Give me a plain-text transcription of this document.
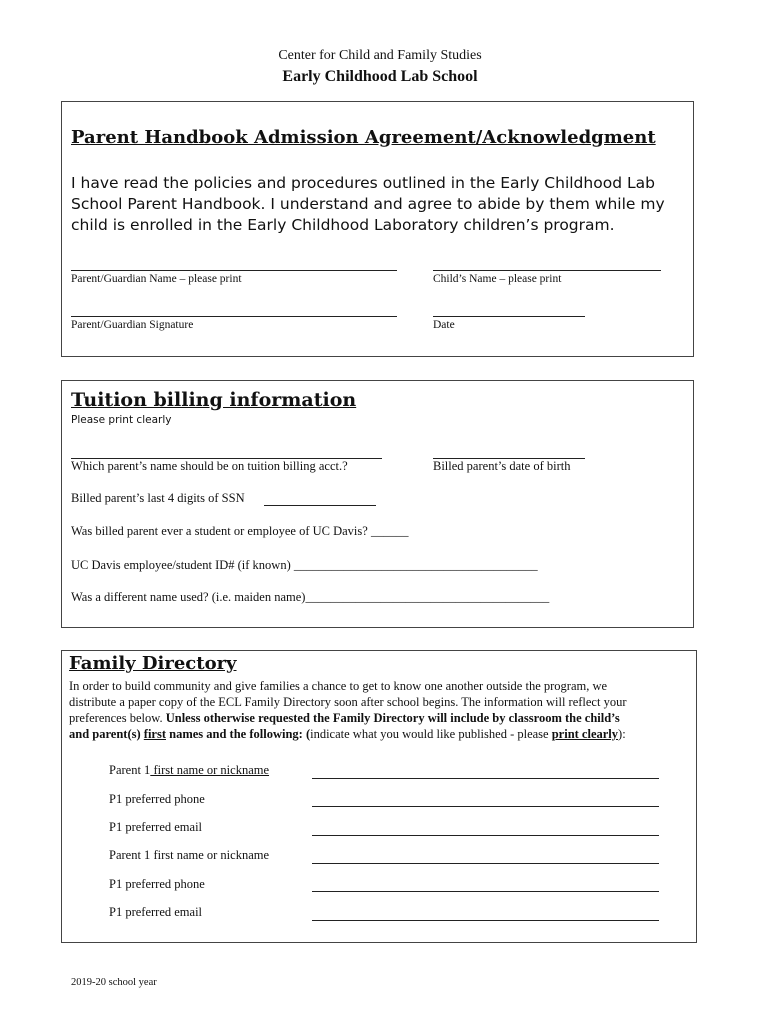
Center for Child and Family Studies
Early Childhood Lab School
Parent Handbook Admission Agreement/Acknowledgment
I have read the policies and procedures outlined in the Early Childhood Lab
School Parent Handbook. I understand and agree to abide by them while my
child is enrolled in the Early Childhood Laboratory children’s program.
Parent/Guardian Name – please print	Child’s Name – please print
Parent/Guardian Signature	Date
Tuition billing information
Please print clearly
Which parent’s name should be on tuition billing acct.?	Billed parent’s date of birth
Billed parent’s last 4 digits of SSN
Was billed parent ever a student or employee of UC Davis? ______
UC Davis employee/student ID# (if known) _______________________________________
Was a different name used? (i.e. maiden name)_______________________________________
Family Directory
In order to build community and give families a chance to get to know one another outside the program, we
distribute a paper copy of the ECL Family Directory soon after school begins. The information will reflect your
preferences below. Unless otherwise requested the Family Directory will include by classroom the child’s
and parent(s) first names and the following: (indicate what you would like published - please print clearly):
Parent 1 first name or nickname
P1 preferred phone
P1 preferred email
Parent 1 first name or nickname
P1 preferred phone
P1 preferred email
2019-20 school year
